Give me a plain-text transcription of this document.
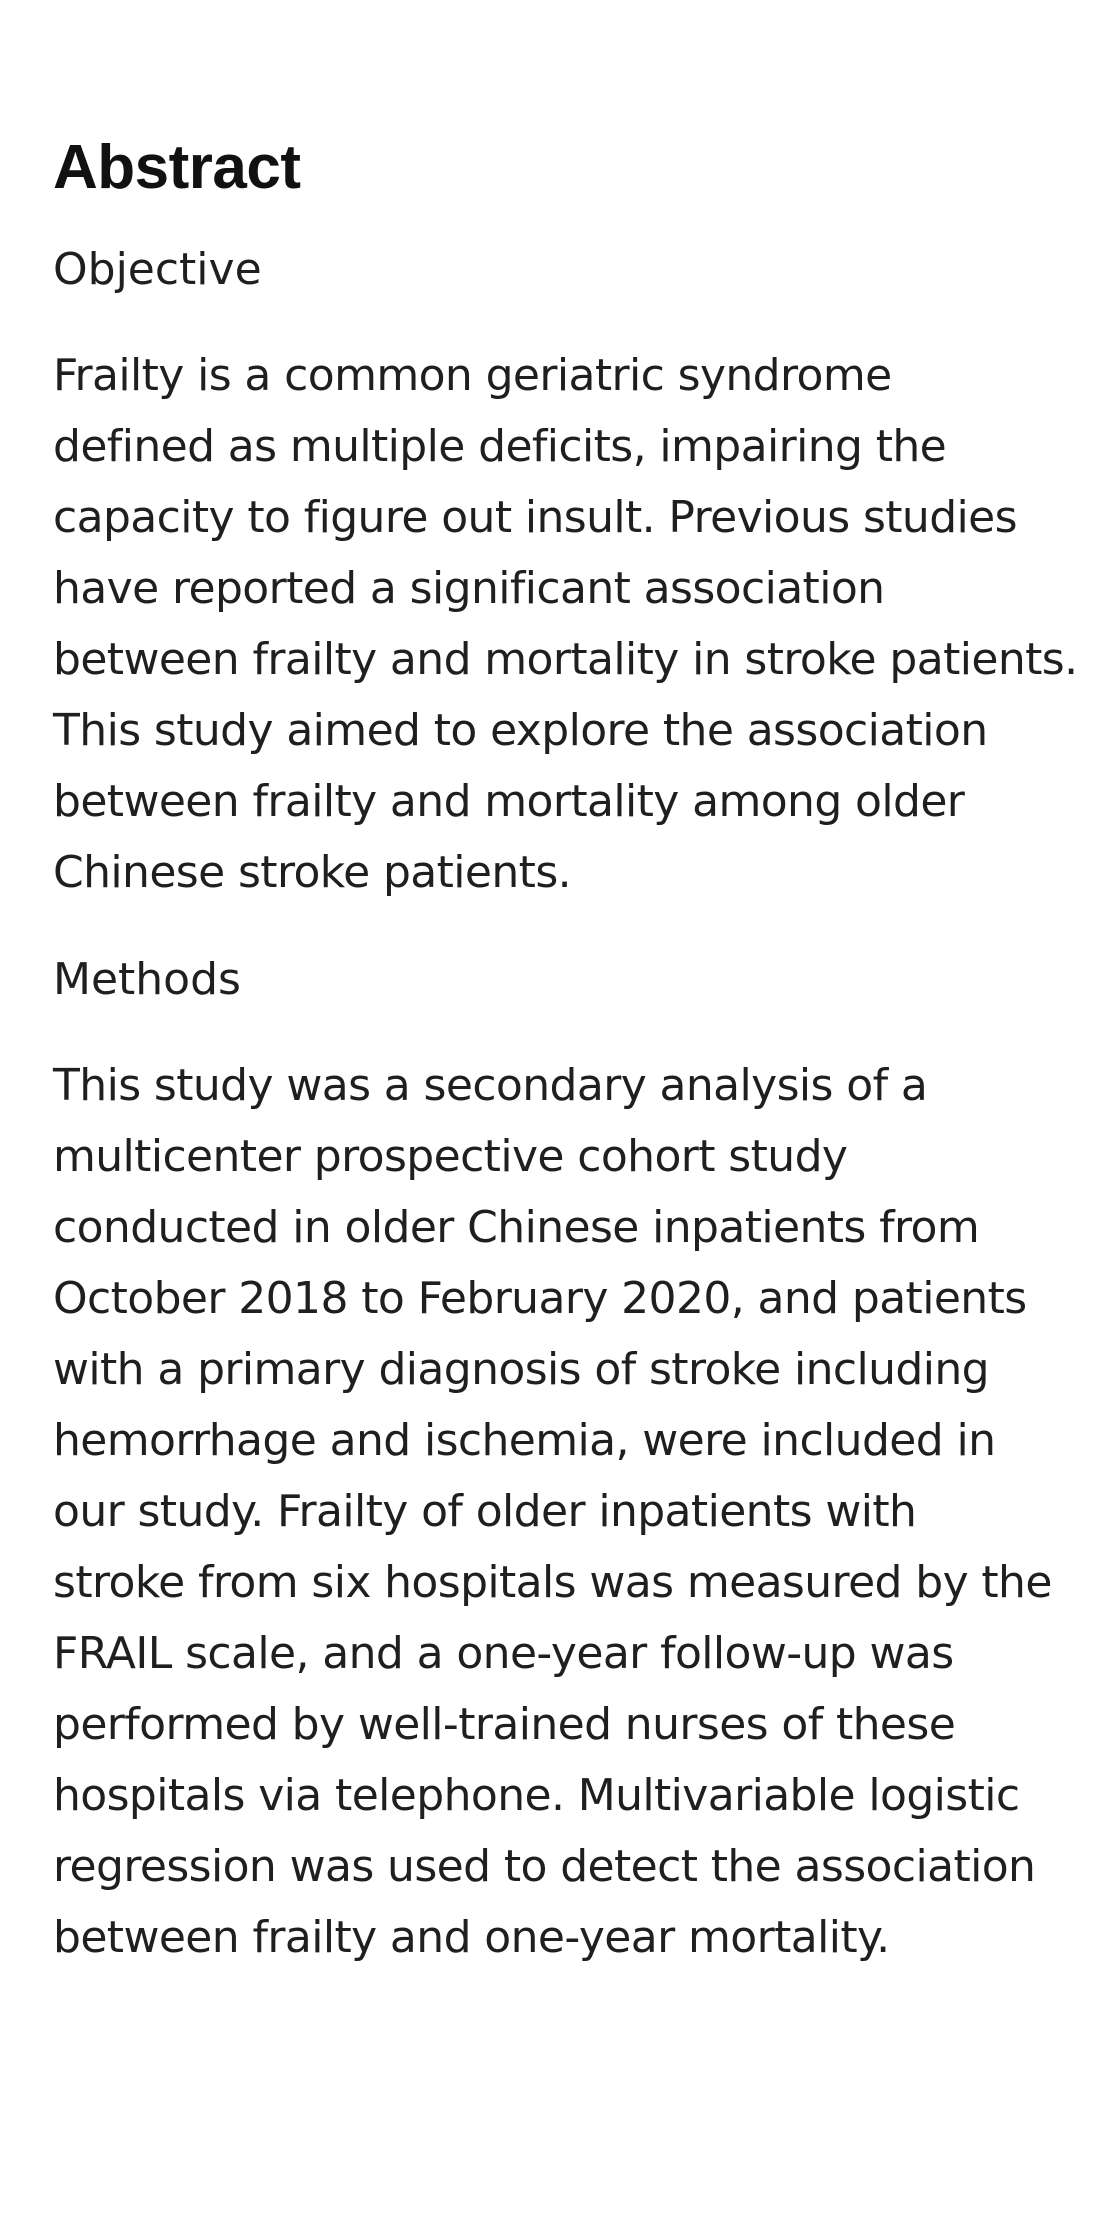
Abstract
Objective

Frailty is a common geriatric syndrome
defined as multiple deficits, impairing the
capacity to figure out insult. Previous studies
have reported a significant association
between frailty and mortality in stroke patients.
This study aimed to explore the association
between frailty and mortality among older
Chinese stroke patients.

Methods

This study was a secondary analysis of a
multicenter prospective cohort study
conducted in older Chinese inpatients from
October 2018 to February 2020, and patients
with a primary diagnosis of stroke including
hemorrhage and ischemia, were included in
our study. Frailty of older inpatients with
stroke from six hospitals was measured by the
FRAIL scale, and a one-year follow-up was
performed by well-trained nurses of these
hospitals via telephone. Multivariable logistic
regression was used to detect the association
between frailty and one-year mortality.
